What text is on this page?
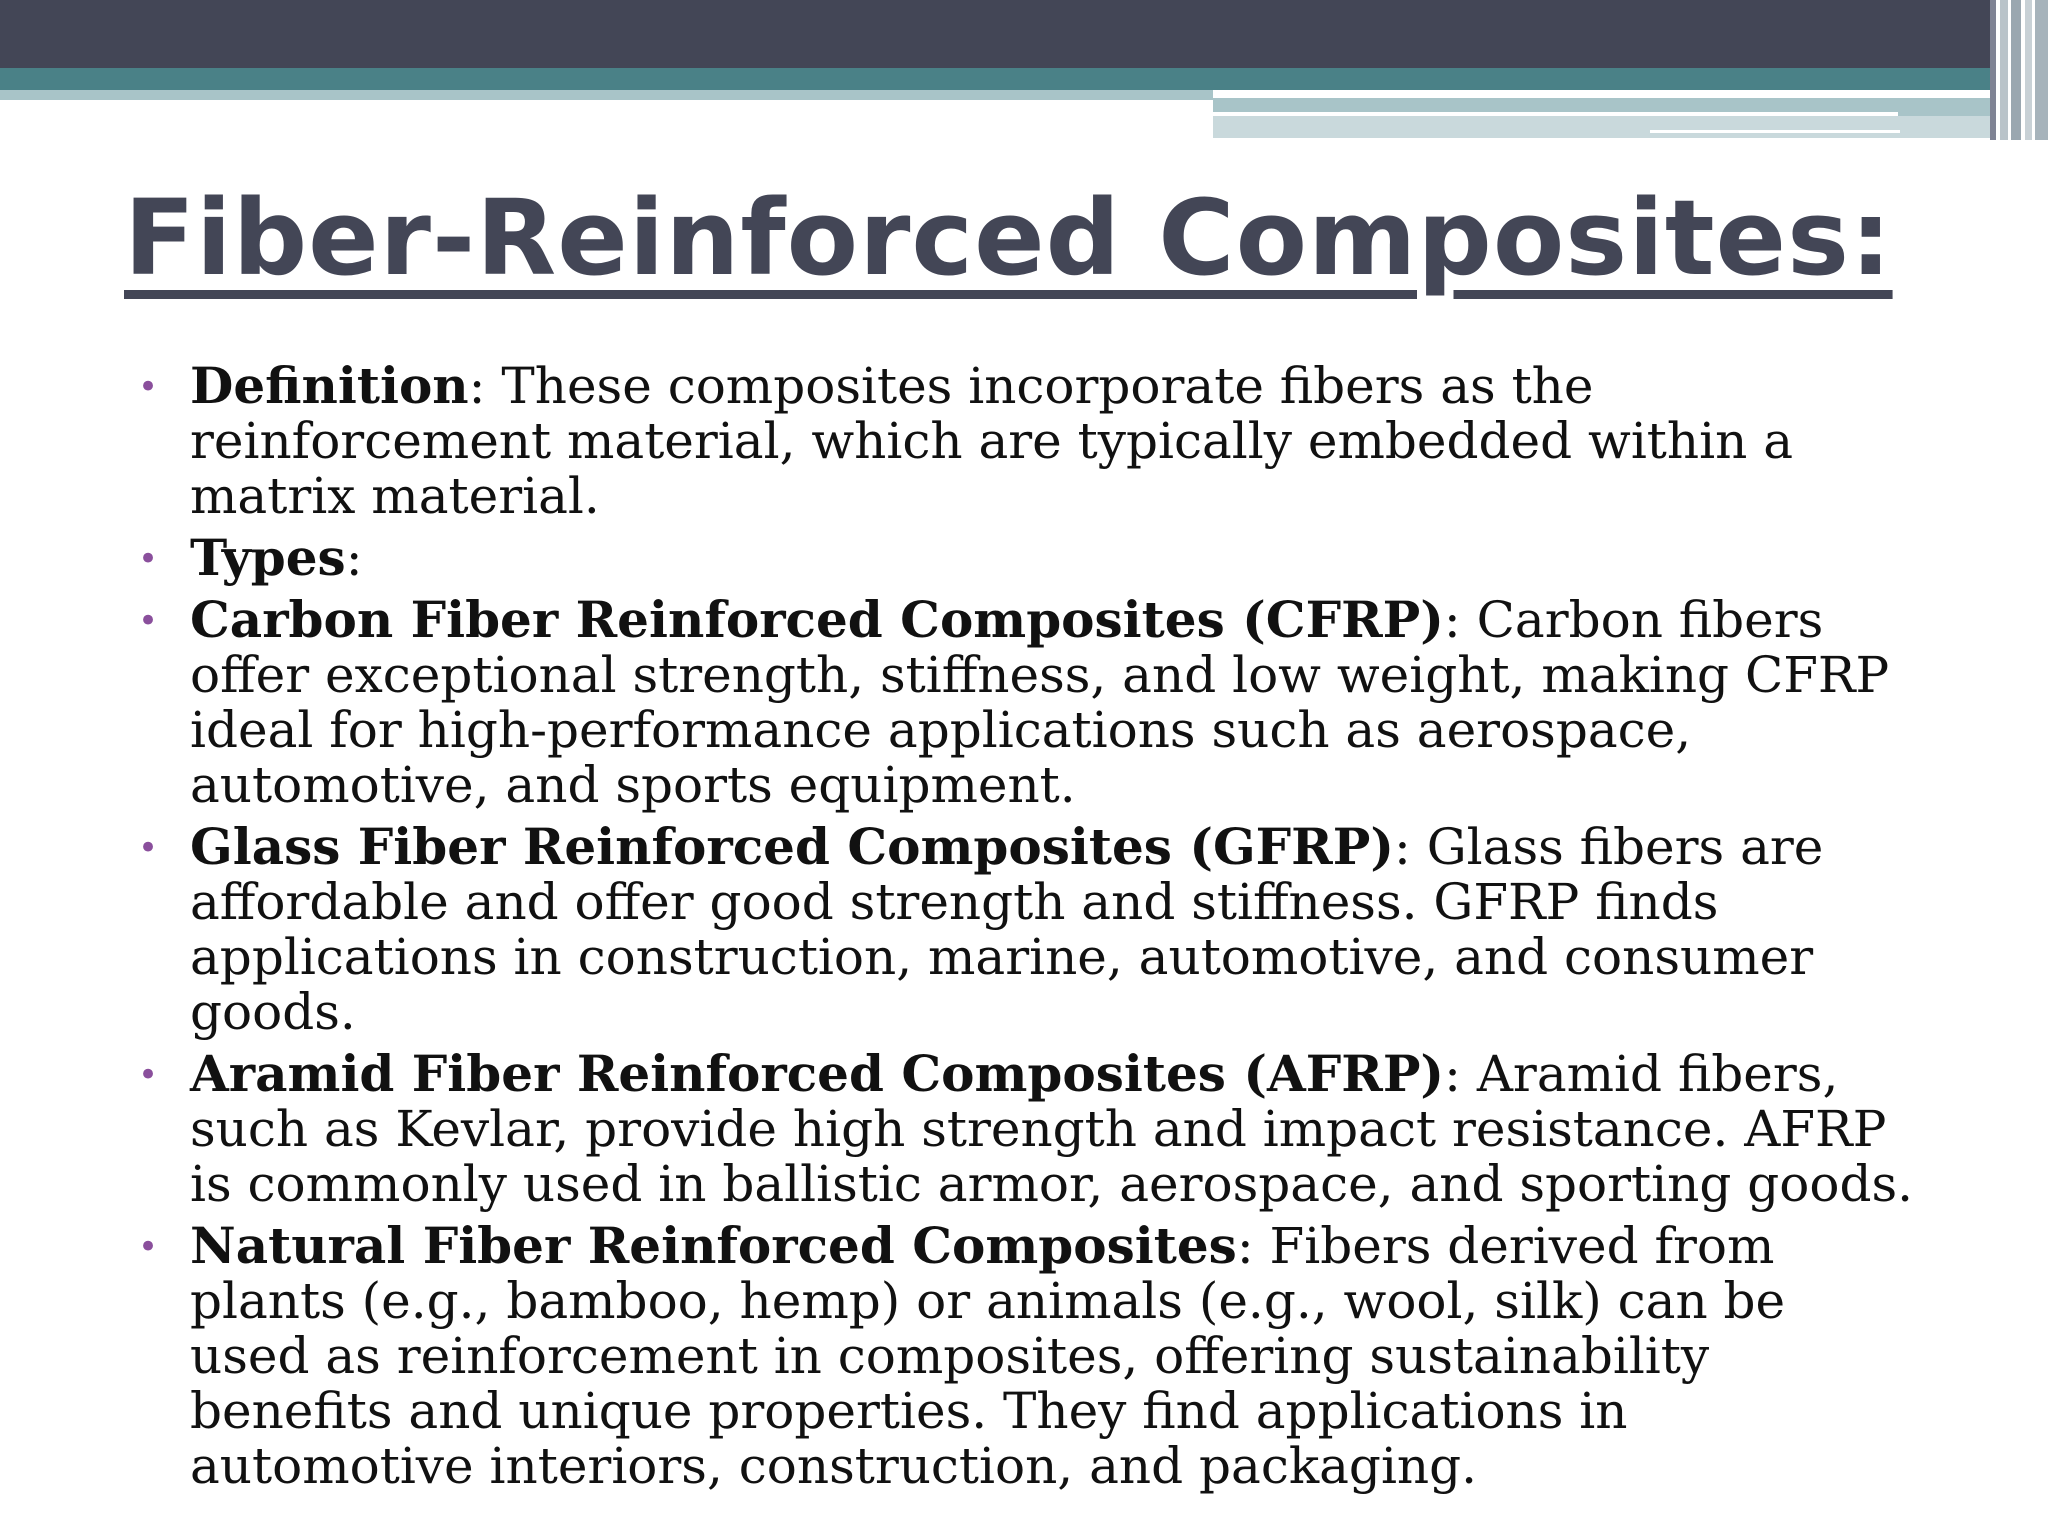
Fiber-Reinforced Composites:
• Definition: These composites incorporate fibers as the reinforcement material, which are typically embedded within a matrix material.
• Types:
• Carbon Fiber Reinforced Composites (CFRP): Carbon fibers offer exceptional strength, stiffness, and low weight, making CFRP ideal for high-performance applications such as aerospace, automotive, and sports equipment.
• Glass Fiber Reinforced Composites (GFRP): Glass fibers are affordable and offer good strength and stiffness. GFRP finds applications in construction, marine, automotive, and consumer goods.
• Aramid Fiber Reinforced Composites (AFRP): Aramid fibers, such as Kevlar, provide high strength and impact resistance. AFRP is commonly used in ballistic armor, aerospace, and sporting goods.
• Natural Fiber Reinforced Composites: Fibers derived from plants (e.g., bamboo, hemp) or animals (e.g., wool, silk) can be used as reinforcement in composites, offering sustainability benefits and unique properties. They find applications in automotive interiors, construction, and packaging.
